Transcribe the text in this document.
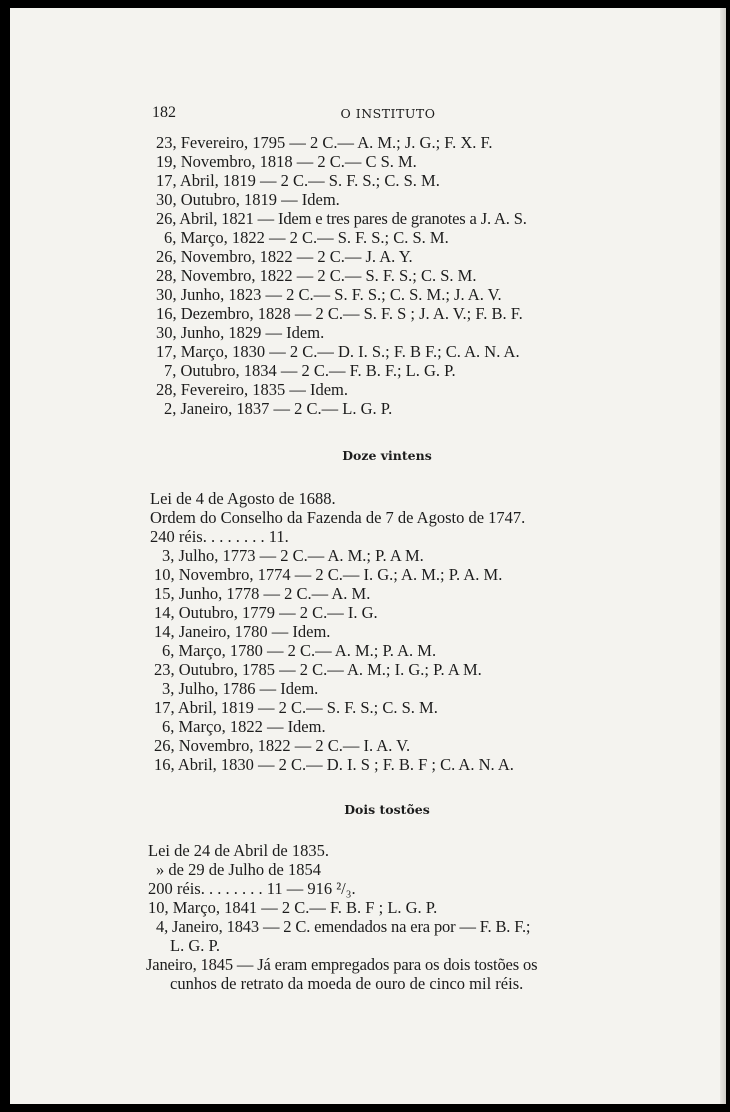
182	O INSTITUTO
23, Fevereiro, 1795 — 2 C.— A. M.; J. G.; F. X. F.
19, Novembro, 1818 — 2 C.— C S. M.
17, Abril, 1819 — 2 C.— S. F. S.; C. S. M.
30, Outubro, 1819 — Idem.
26, Abril, 1821 — Idem e tres pares de granotes a J. A. S.
6, Março, 1822 — 2 C.— S. F. S.; C. S. M.
26, Novembro, 1822 — 2 C.— J. A. Y.
28, Novembro, 1822 — 2 C.— S. F. S.; C. S. M.
30, Junho, 1823 — 2 C.— S. F. S.; C. S. M.; J. A. V.
16, Dezembro, 1828 — 2 C.— S. F. S ; J. A. V.; F. B. F.
30, Junho, 1829 — Idem.
17, Março, 1830 — 2 C.— D. I. S.; F. B F.; C. A. N. A.
7, Outubro, 1834 — 2 C.— F. B. F.; L. G. P.
28, Fevereiro, 1835 — Idem.
2, Janeiro, 1837 — 2 C.— L. G. P.
Doze vintens
Lei de 4 de Agosto de 1688.
Ordem do Conselho da Fazenda de 7 de Agosto de 1747.
240 réis. . . . . . . . 11.
3, Julho, 1773 — 2 C.— A. M.; P. A M.
10, Novembro, 1774 — 2 C.— I. G.; A. M.; P. A. M.
15, Junho, 1778 — 2 C.— A. M.
14, Outubro, 1779 — 2 C.— I. G.
14, Janeiro, 1780 — Idem.
6, Março, 1780 — 2 C.— A. M.; P. A. M.
23, Outubro, 1785 — 2 C.— A. M.; I. G.; P. A M.
3, Julho, 1786 — Idem.
17, Abril, 1819 — 2 C.— S. F. S.; C. S. M.
6, Março, 1822 — Idem.
26, Novembro, 1822 — 2 C.— I. A. V.
16, Abril, 1830 — 2 C.— D. I. S ; F. B. F ; C. A. N. A.
Dois tostões
Lei de 24 de Abril de 1835.
» de 29 de Julho de 1854
200 réis. . . . . . . . 11 — 916 ²/₃.
10, Março, 1841 — 2 C.— F. B. F ; L. G. P.
4, Janeiro, 1843 — 2 C. emendados na era por — F. B. F.;
L. G. P.
Janeiro, 1845 — Já eram empregados para os dois tostões os
cunhos de retrato da moeda de ouro de cinco mil réis.
